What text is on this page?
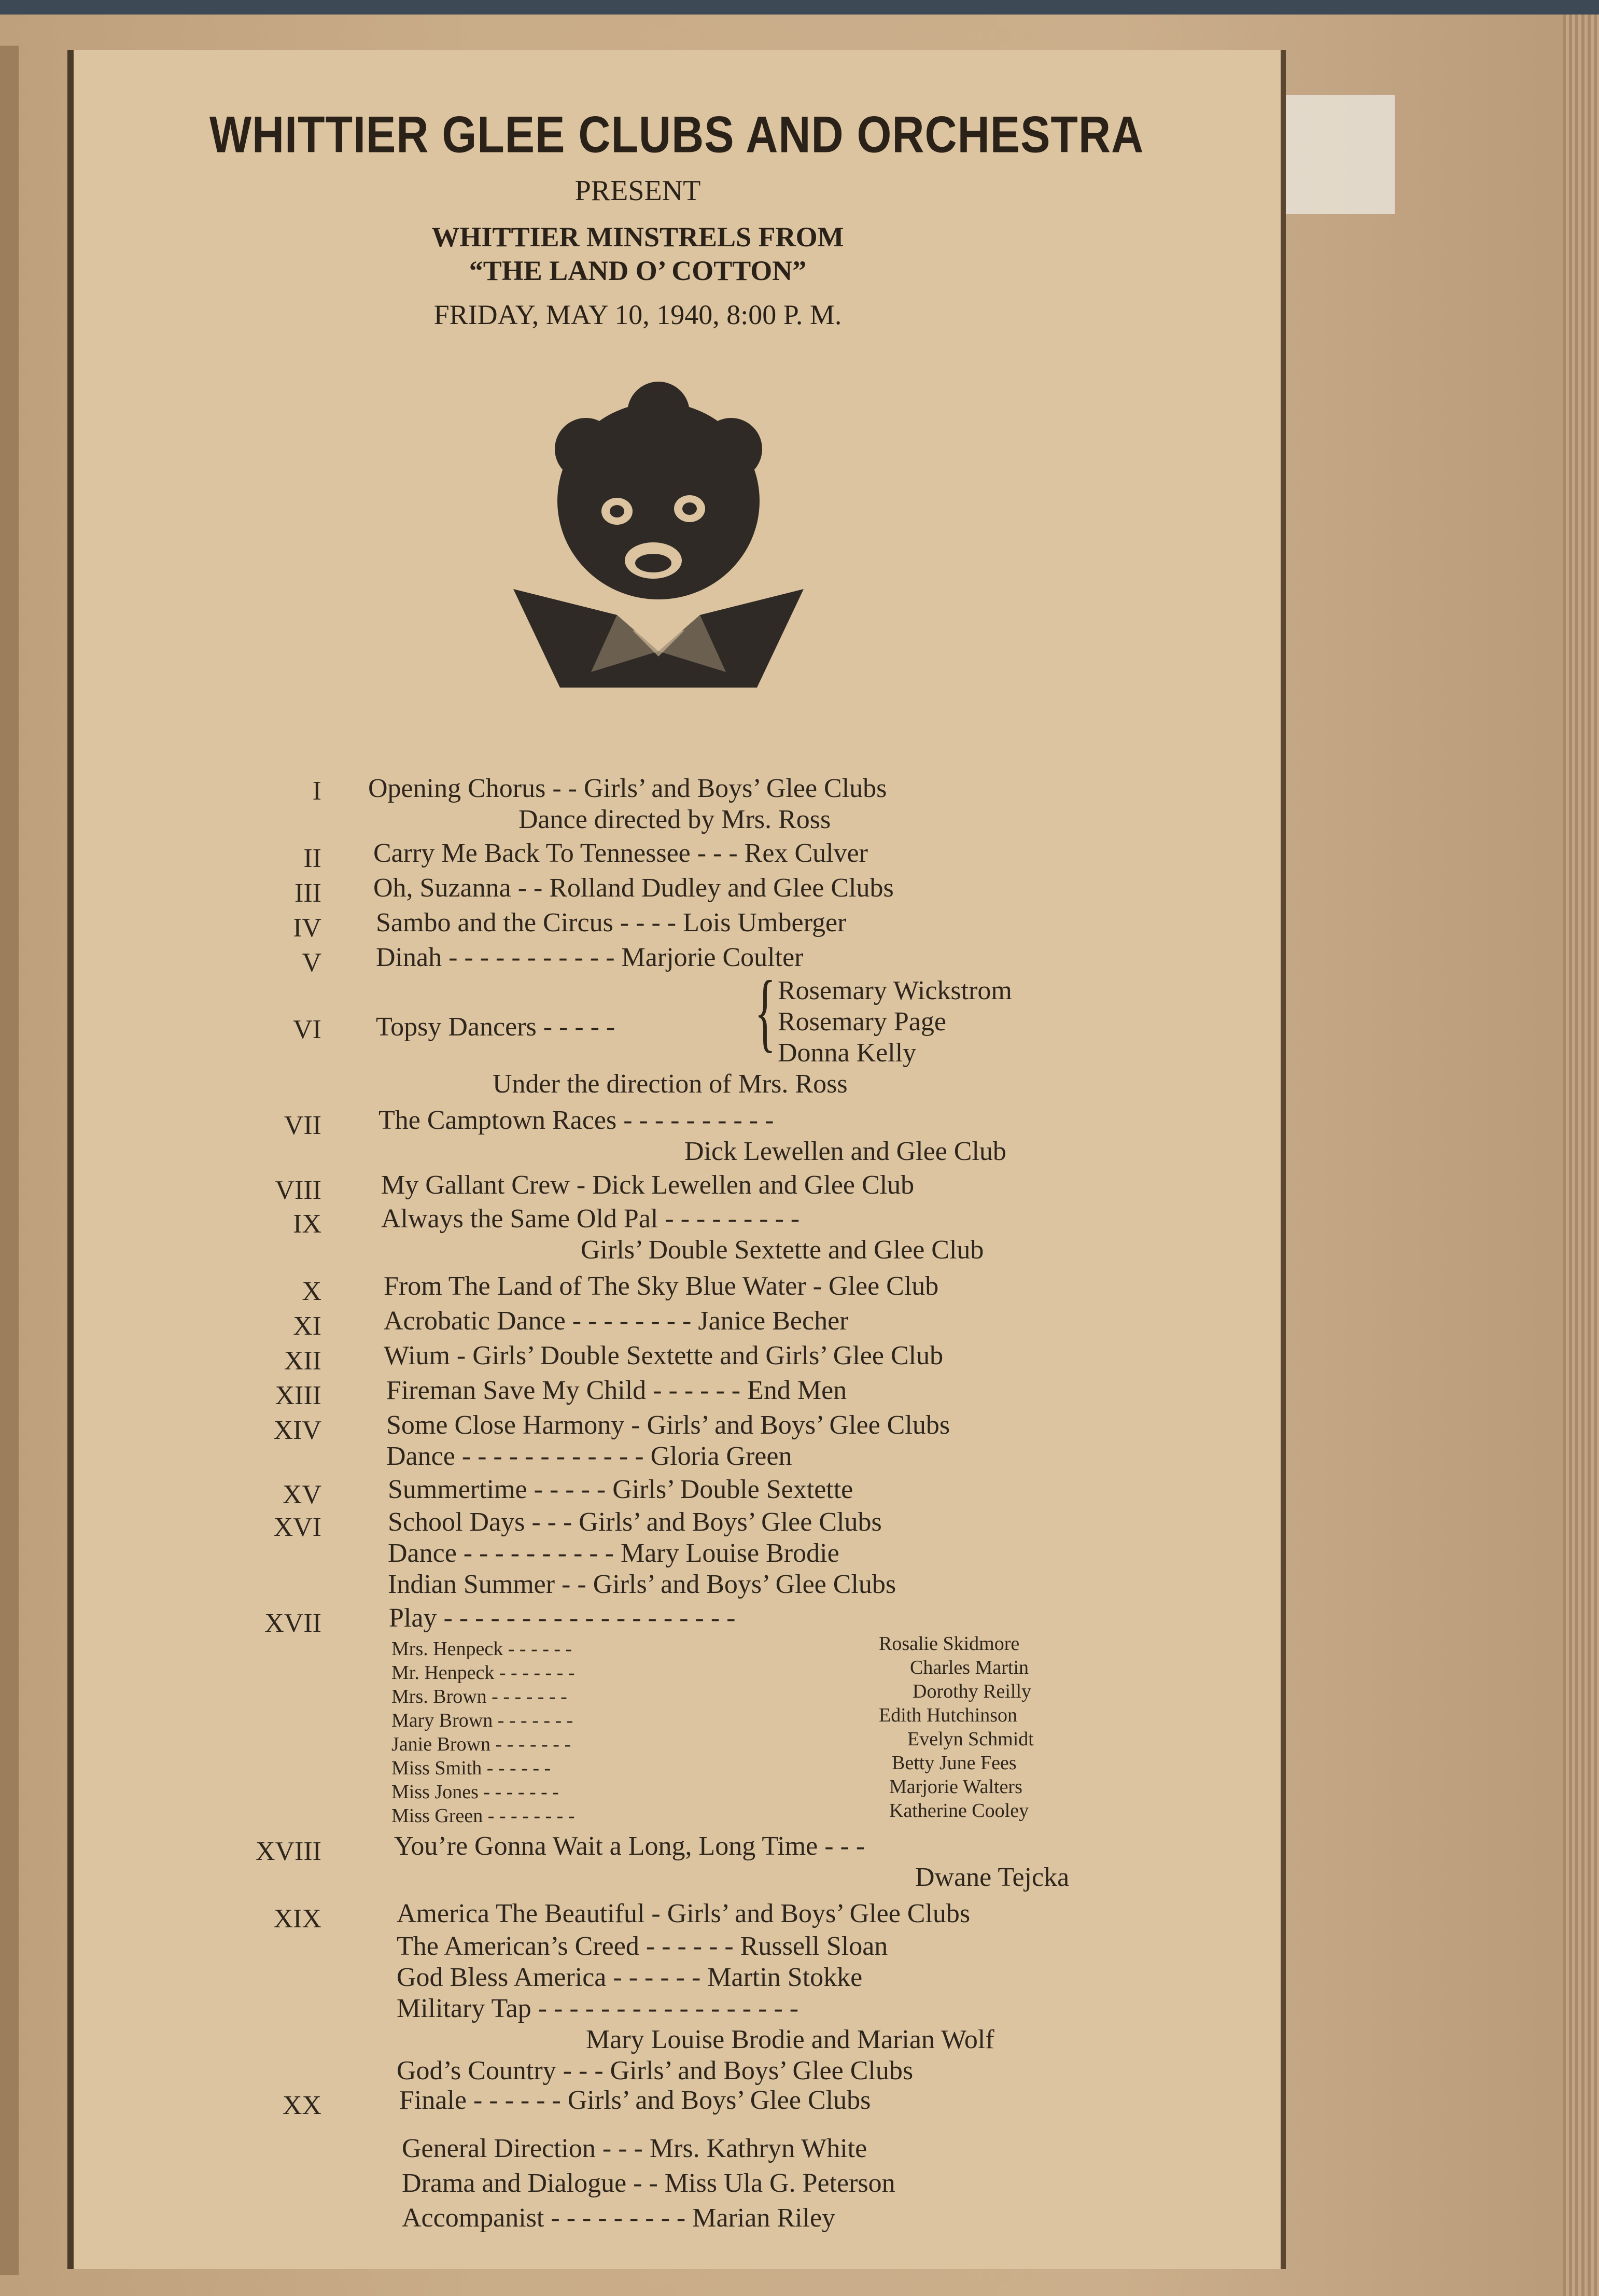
WHITTIER GLEE CLUBS AND ORCHESTRA
PRESENT
WHITTIER MINSTRELS FROM
“THE LAND O’ COTTON”
FRIDAY, MAY 10, 1940, 8:00 P. M.
I Opening Chorus - - Girls’ and Boys’ Glee Clubs
Dance directed by Mrs. Ross
II Carry Me Back To Tennessee - - - Rex Culver
III Oh, Suzanna - - Rolland Dudley and Glee Clubs
IV Sambo and the Circus - - - - Lois Umberger
V Dinah - - - - - - - - - - - Marjorie Coulter
VI Topsy Dancers - - - - - { Rosemary Wickstrom
Rosemary Page
Donna Kelly
Under the direction of Mrs. Ross
VII The Camptown Races - - - - - - - - - -
Dick Lewellen and Glee Club
VIII My Gallant Crew - Dick Lewellen and Glee Club
IX Always the Same Old Pal - - - - - - - - -
Girls’ Double Sextette and Glee Club
X From The Land of The Sky Blue Water - Glee Club
XI Acrobatic Dance - - - - - - - - Janice Becher
XII Wium - Girls’ Double Sextette and Girls’ Glee Club
XIII Fireman Save My Child - - - - - - End Men
XIV Some Close Harmony - Girls’ and Boys’ Glee Clubs
Dance - - - - - - - - - - - - Gloria Green
XV Summertime - - - - - Girls’ Double Sextette
XVI School Days - - - Girls’ and Boys’ Glee Clubs
Dance - - - - - - - - - - Mary Louise Brodie
Indian Summer - - Girls’ and Boys’ Glee Clubs
XVII	Play - - - - - - - - - - - - - - - - - - -
Mrs. Henpeck - - - - - -	Rosalie Skidmore
Mr. Henpeck - - - - - - -	Charles Martin
Mrs. Brown - - - - - - -	Dorothy Reilly
Mary Brown - - - - - - -	Edith Hutchinson
Janie Brown - - - - - - -	Evelyn Schmidt
Miss Smith - - - - - -	Betty June Fees
Miss Jones - - - - - - -	Marjorie Walters
Miss Green - - - - - - - -	Katherine Cooley
XVIII	You’re Gonna Wait a Long, Long Time - - -
Dwane Tejcka
XIX	America The Beautiful - Girls’ and Boys’ Glee Clubs
The American’s Creed - - - - - - Russell Sloan
God Bless America - - - - - - Martin Stokke
Military Tap - - - - - - - - - - - - - - - - -
Mary Louise Brodie and Marian Wolf
God’s Country - - - Girls’ and Boys’ Glee Clubs
XX	Finale - - - - - - Girls’ and Boys’ Glee Clubs
General Direction - - - Mrs. Kathryn White
Drama and Dialogue - - Miss Ula G. Peterson
Accompanist - - - - - - - - - Marian Riley
